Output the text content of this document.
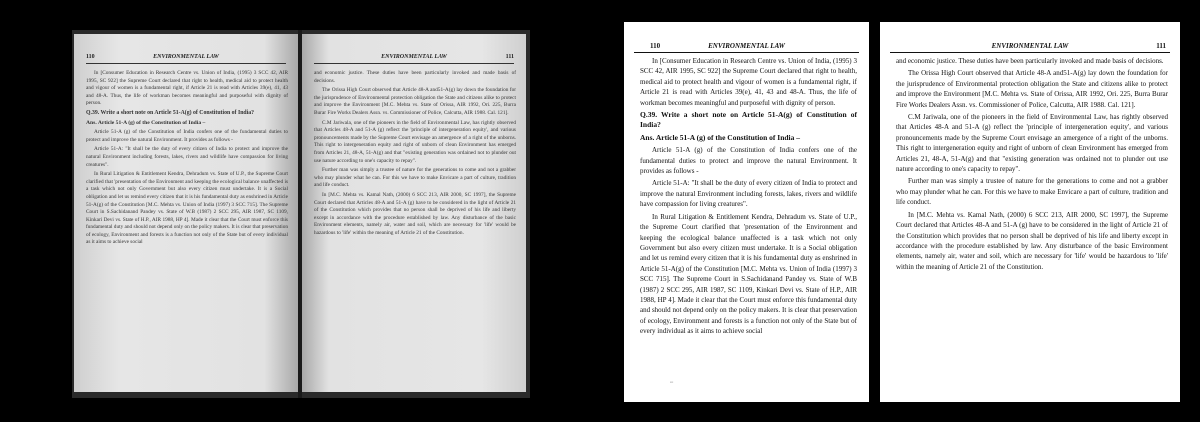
110	ENVIRONMENTAL LAW

In [Consumer Education in Research Centre vs. Union of India, (1995) 3 SCC 42, AIR 1995, SC 922] the Supreme Court declared that right to health, medical aid to protect health and vigour of women is a fundamental right, if Article 21 is read with Articles 39(e), 41, 43 and 48-A. Thus, the life of workman becomes meaningful and purposeful with dignity of person.

Q.39. Write a short note on Article 51-A(g) of Constitution of India?

Ans. Article 51-A (g) of the Constitution of India –

Article 51-A (g) of the Constitution of India confers one of the fundamental duties to protect and improve the natural Environment. It provides as follows -

Article 51-A: "It shall be the duty of every citizen of India to protect and improve the natural Environment including forests, lakes, rivers and wildlife have compassion for living creatures".

In Rural Litigation & Entitlement Kendra, Dehradum vs. State of U.P., the Supreme Court clarified that 'presentation of the Environment and keeping the ecological balance unaffected is a task which not only Government but also every citizen must undertake. It is a Social obligation and let us remind every citizen that it is his fundamental duty as enshrined in Article 51-A(g) of the Constitution [M.C. Mehta vs. Union of India (1997) 3 SCC 715]. The Supreme Court in S.Sachidanand Pandey vs. State of W.B (1987) 2 SCC 295, AIR 1987, SC 1109, Kinkari Devi vs. State of H.P., AIR 1988, HP 4]. Made it clear that the Court must enforce this fundamental duty and should not depend only on the policy makers. It is clear that preservation of ecology, Environment and forests is a function not only of the State but of every individual as it aims to achieve social

ENVIRONMENTAL LAW	111

and economic justice. These duties have been particularly invoked and made basis of decisions.

The Orissa High Court observed that Article 48-A and51-A(g) lay down the foundation for the jurisprudence of Environmental protection obligation the State and citizens alike to protect and improve the Environment [M.C. Mehta vs. State of Orissa, AIR 1992, Ori. 225, Burra Burar Fire Works Dealers Assn. vs. Commissioner of Police, Calcutta, AIR 1988. Cal. 121].

C.M Jariwala, one of the pioneers in the field of Environmental Law, has rightly observed that Articles 48-A and 51-A (g) reflect the 'principle of intergeneration equity', and various pronouncements made by the Supreme Court envisage an amergence of a right of the unborns. This right to intergeneration equity and right of unborn of clean Environment has emerged from Articles 21, 48-A, 51-A(g) and that "existing generation was ordained not to plunder out use nature according to one's capacity to repay".

Further man was simply a trustee of nature for the generations to come and not a grabber who may plunder what he can. For this we have to make Envicare a part of culture, tradition and life conduct.

In [M.C. Mehta vs. Kamal Nath, (2000) 6 SCC 213, AIR 2000, SC 1997], the Supreme Court declared that Articles 48-A and 51-A (g) have to be considered in the light of Article 21 of the Constitution which provides that no person shall be deprived of his life and liberty except in accordance with the procedure established by law. Any disturbance of the basic Environment elements, namely air, water and soil, which are necessary for 'life' would be hazardous to 'life' within the meaning of Article 21 of the Constitution.

110	ENVIRONMENTAL LAW

In [Consumer Education in Research Centre vs. Union of India, (1995) 3 SCC 42, AIR 1995, SC 922] the Supreme Court declared that right to health, medical aid to protect health and vigour of women is a fundamental right, if Article 21 is read with Articles 39(e), 41, 43 and 48-A. Thus, the life of workman becomes meaningful and purposeful with dignity of person.

Q.39. Write a short note on Article 51-A(g) of Constitution of India?

Ans. Article 51-A (g) of the Constitution of India –

Article 51-A (g) of the Constitution of India confers one of the fundamental duties to protect and improve the natural Environment. It provides as follows -

Article 51-A: "It shall be the duty of every citizen of India to protect and improve the natural Environment including forests, lakes, rivers and wildlife have compassion for living creatures".

In Rural Litigation & Entitlement Kendra, Dehradum vs. State of U.P., the Supreme Court clarified that 'presentation of the Environment and keeping the ecological balance unaffected is a task which not only Government but also every citizen must undertake. It is a Social obligation and let us remind every citizen that it is his fundamental duty as enshrined in Article 51-A(g) of the Constitution [M.C. Mehta vs. Union of India (1997) 3 SCC 715]. The Supreme Court in S.Sachidanand Pandey vs. State of W.B (1987) 2 SCC 295, AIR 1987, SC 1109, Kinkari Devi vs. State of H.P., AIR 1988, HP 4]. Made it clear that the Court must enforce this fundamental duty and should not depend only on the policy makers. It is clear that preservation of ecology, Environment and forests is a function not only of the State but of every individual as it aims to achieve social

▪▪▪
ENVIRONMENTAL LAW	111

and economic justice. These duties have been particularly invoked and made basis of decisions.

The Orissa High Court observed that Article 48-A and51-A(g) lay down the foundation for the jurisprudence of Environmental protection obligation the State and citizens alike to protect and improve the Environment [M.C. Mehta vs. State of Orissa, AIR 1992, Ori. 225, Burra Burar Fire Works Dealers Assn. vs. Commissioner of Police, Calcutta, AIR 1988. Cal. 121].

C.M Jariwala, one of the pioneers in the field of Environmental Law, has rightly observed that Articles 48-A and 51-A (g) reflect the 'principle of intergeneration equity', and various pronouncements made by the Supreme Court envisage an amergence of a right of the unborns. This right to intergeneration equity and right of unborn of clean Environment has emerged from Articles 21, 48-A, 51-A(g) and that "existing generation was ordained not to plunder out use nature according to one's capacity to repay".

Further man was simply a trustee of nature for the generations to come and not a grabber who may plunder what he can. For this we have to make Envicare a part of culture, tradition and life conduct.

In [M.C. Mehta vs. Kamal Nath, (2000) 6 SCC 213, AIR 2000, SC 1997], the Supreme Court declared that Articles 48-A and 51-A (g) have to be considered in the light of Article 21 of the Constitution which provides that no person shall be deprived of his life and liberty except in accordance with the procedure established by law. Any disturbance of the basic Environment elements, namely air, water and soil, which are necessary for 'life' would be hazardous to 'life' within the meaning of Article 21 of the Constitution.
